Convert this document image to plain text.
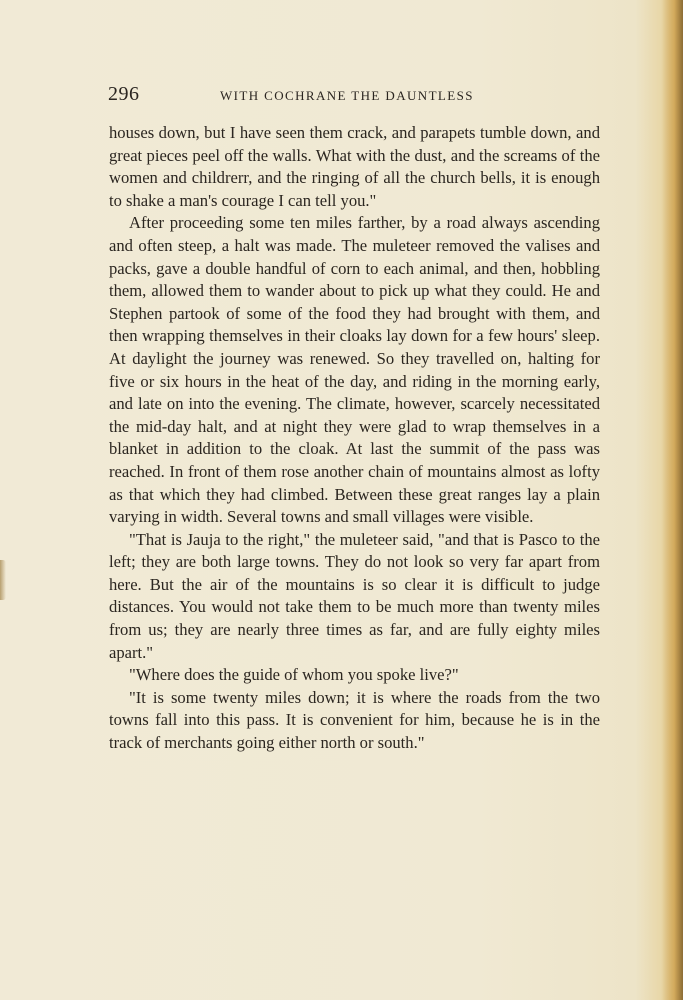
296	WITH COCHRANE THE DAUNTLESS

houses down, but I have seen them crack, and parapets tumble down, and great pieces peel off the walls. What with the dust, and the screams of the women and childrerr, and the ringing of all the church bells, it is enough to shake a man's courage I can tell you."

After proceeding some ten miles farther, by a road always ascending and often steep, a halt was made. The muleteer removed the valises and packs, gave a double handful of corn to each animal, and then, hobbling them, allowed them to wander about to pick up what they could. He and Stephen partook of some of the food they had brought with them, and then wrapping themselves in their cloaks lay down for a few hours' sleep. At daylight the journey was renewed. So they travelled on, halting for five or six hours in the heat of the day, and riding in the morning early, and late on into the evening. The climate, however, scarcely necessitated the mid-day halt, and at night they were glad to wrap themselves in a blanket in addition to the cloak. At last the summit of the pass was reached. In front of them rose another chain of mountains almost as lofty as that which they had climbed. Between these great ranges lay a plain varying in width. Several towns and small villages were visible.

"That is Jauja to the right," the muleteer said, "and that is Pasco to the left; they are both large towns. They do not look so very far apart from here. But the air of the mountains is so clear it is difficult to judge distances. You would not take them to be much more than twenty miles from us; they are nearly three times as far, and are fully eighty miles apart."

"Where does the guide of whom you spoke live?"

"It is some twenty miles down; it is where the roads from the two towns fall into this pass. It is convenient for him, because he is in the track of merchants going either north or south."
